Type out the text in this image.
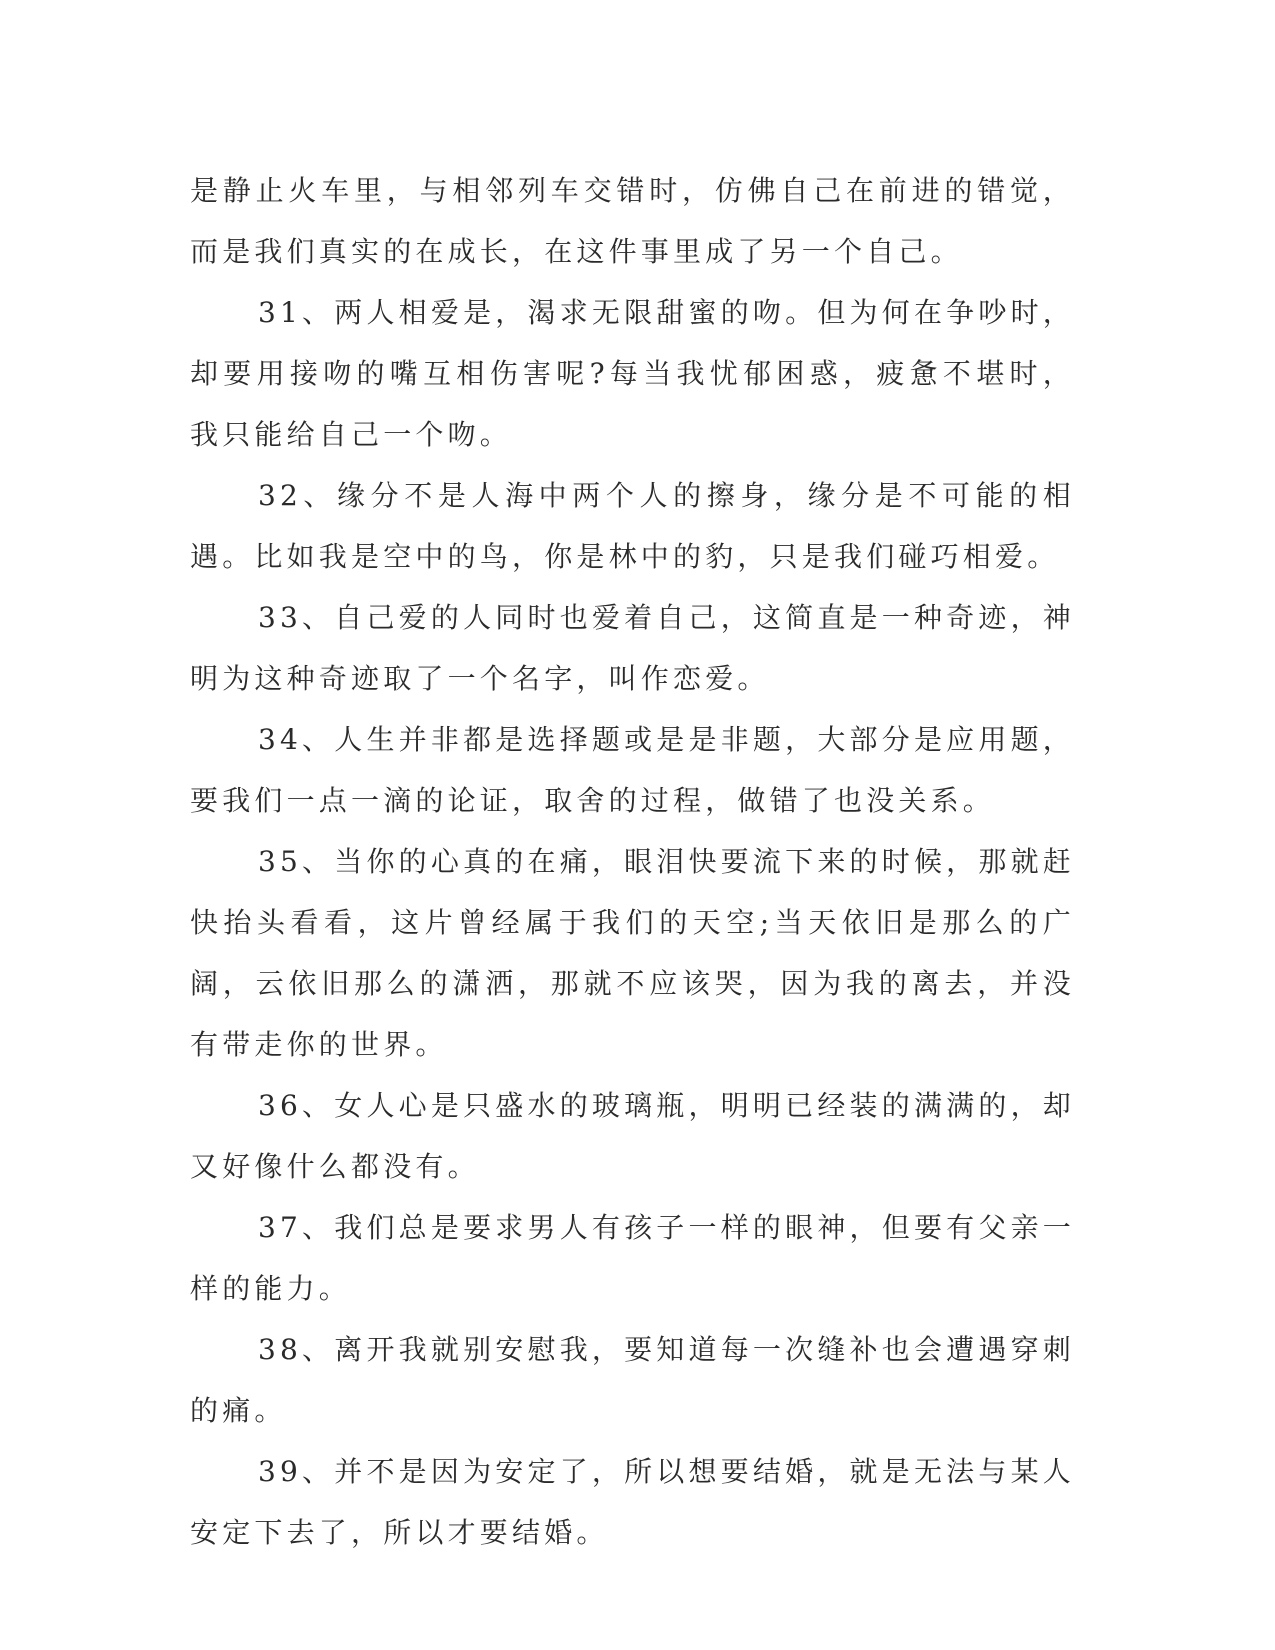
是静止火车里，与相邻列车交错时，仿佛自己在前进的错觉，而是我们真实的在成长，在这件事里成了另一个自己。

31、两人相爱是，渴求无限甜蜜的吻。但为何在争吵时，却要用接吻的嘴互相伤害呢?每当我忧郁困惑，疲惫不堪时，我只能给自己一个吻。

32、缘分不是人海中两个人的擦身，缘分是不可能的相遇。比如我是空中的鸟，你是林中的豹，只是我们碰巧相爱。

33、自己爱的人同时也爱着自己，这简直是一种奇迹，神明为这种奇迹取了一个名字，叫作恋爱。

34、人生并非都是选择题或是是非题，大部分是应用题，要我们一点一滴的论证，取舍的过程，做错了也没关系。

35、当你的心真的在痛，眼泪快要流下来的时候，那就赶快抬头看看，这片曾经属于我们的天空;当天依旧是那么的广阔，云依旧那么的潇洒，那就不应该哭，因为我的离去，并没有带走你的世界。

36、女人心是只盛水的玻璃瓶，明明已经装的满满的，却又好像什么都没有。

37、我们总是要求男人有孩子一样的眼神，但要有父亲一样的能力。

38、离开我就别安慰我，要知道每一次缝补也会遭遇穿刺的痛。

39、并不是因为安定了，所以想要结婚，就是无法与某人安定下去了，所以才要结婚。
